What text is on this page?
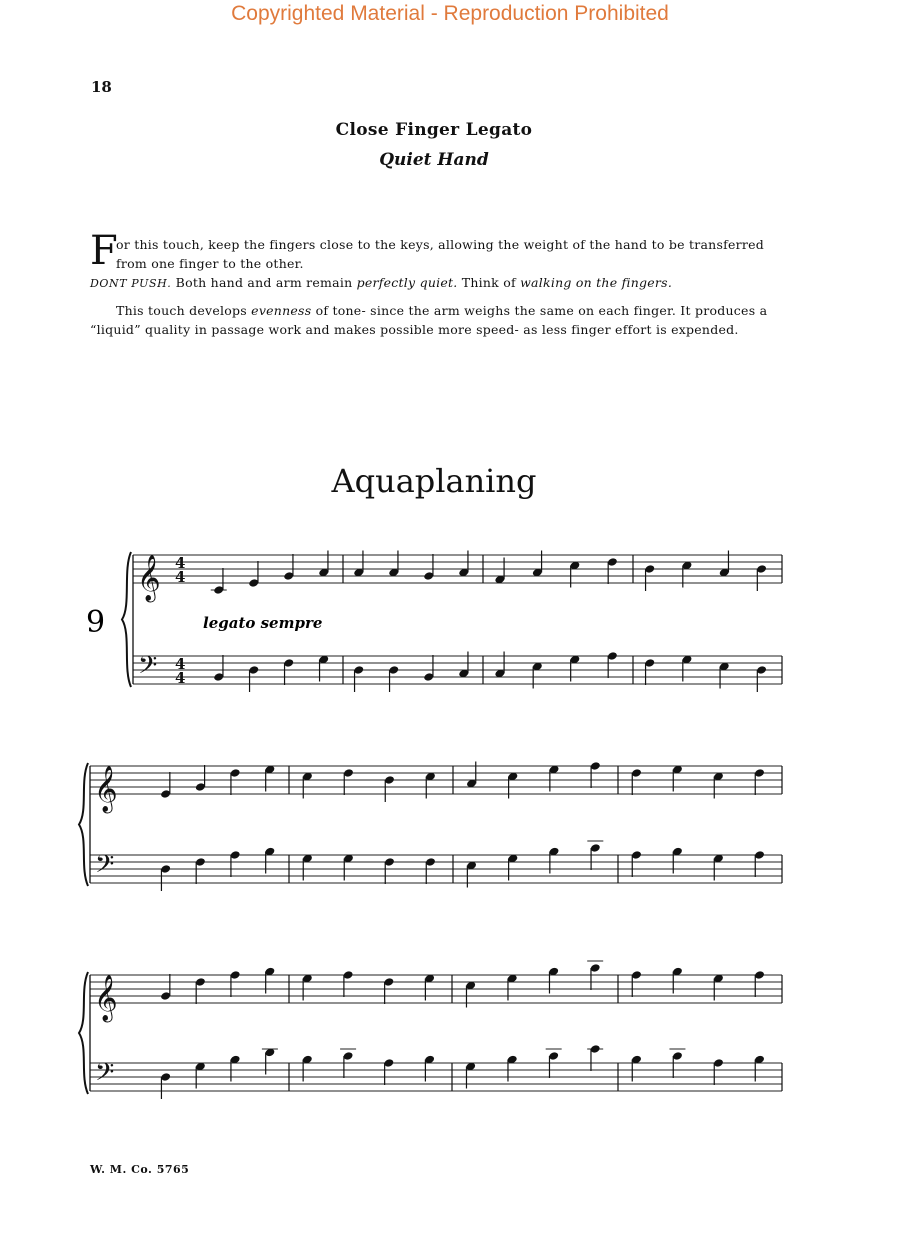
Copyrighted Material - Reproduction Prohibited
18
Close Finger Legato
Quiet Hand
F
or this touch, keep the fingers close to the keys, allowing the weight of the hand to be transferred from one finger to the other.
DONT PUSH. Both hand and arm remain perfectly quiet. Think of walking on the fingers.
This touch develops evenness of tone- since the arm weighs the same on each finger. It produces a “liquid” quality in passage work and makes possible more speed- as less finger effort is expended.
Aquaplaning
𝄞
𝄢
4
4
4
4
𝄞
𝄢
𝄞
𝄢
9	legato sempre
W. M. Co. 5765
